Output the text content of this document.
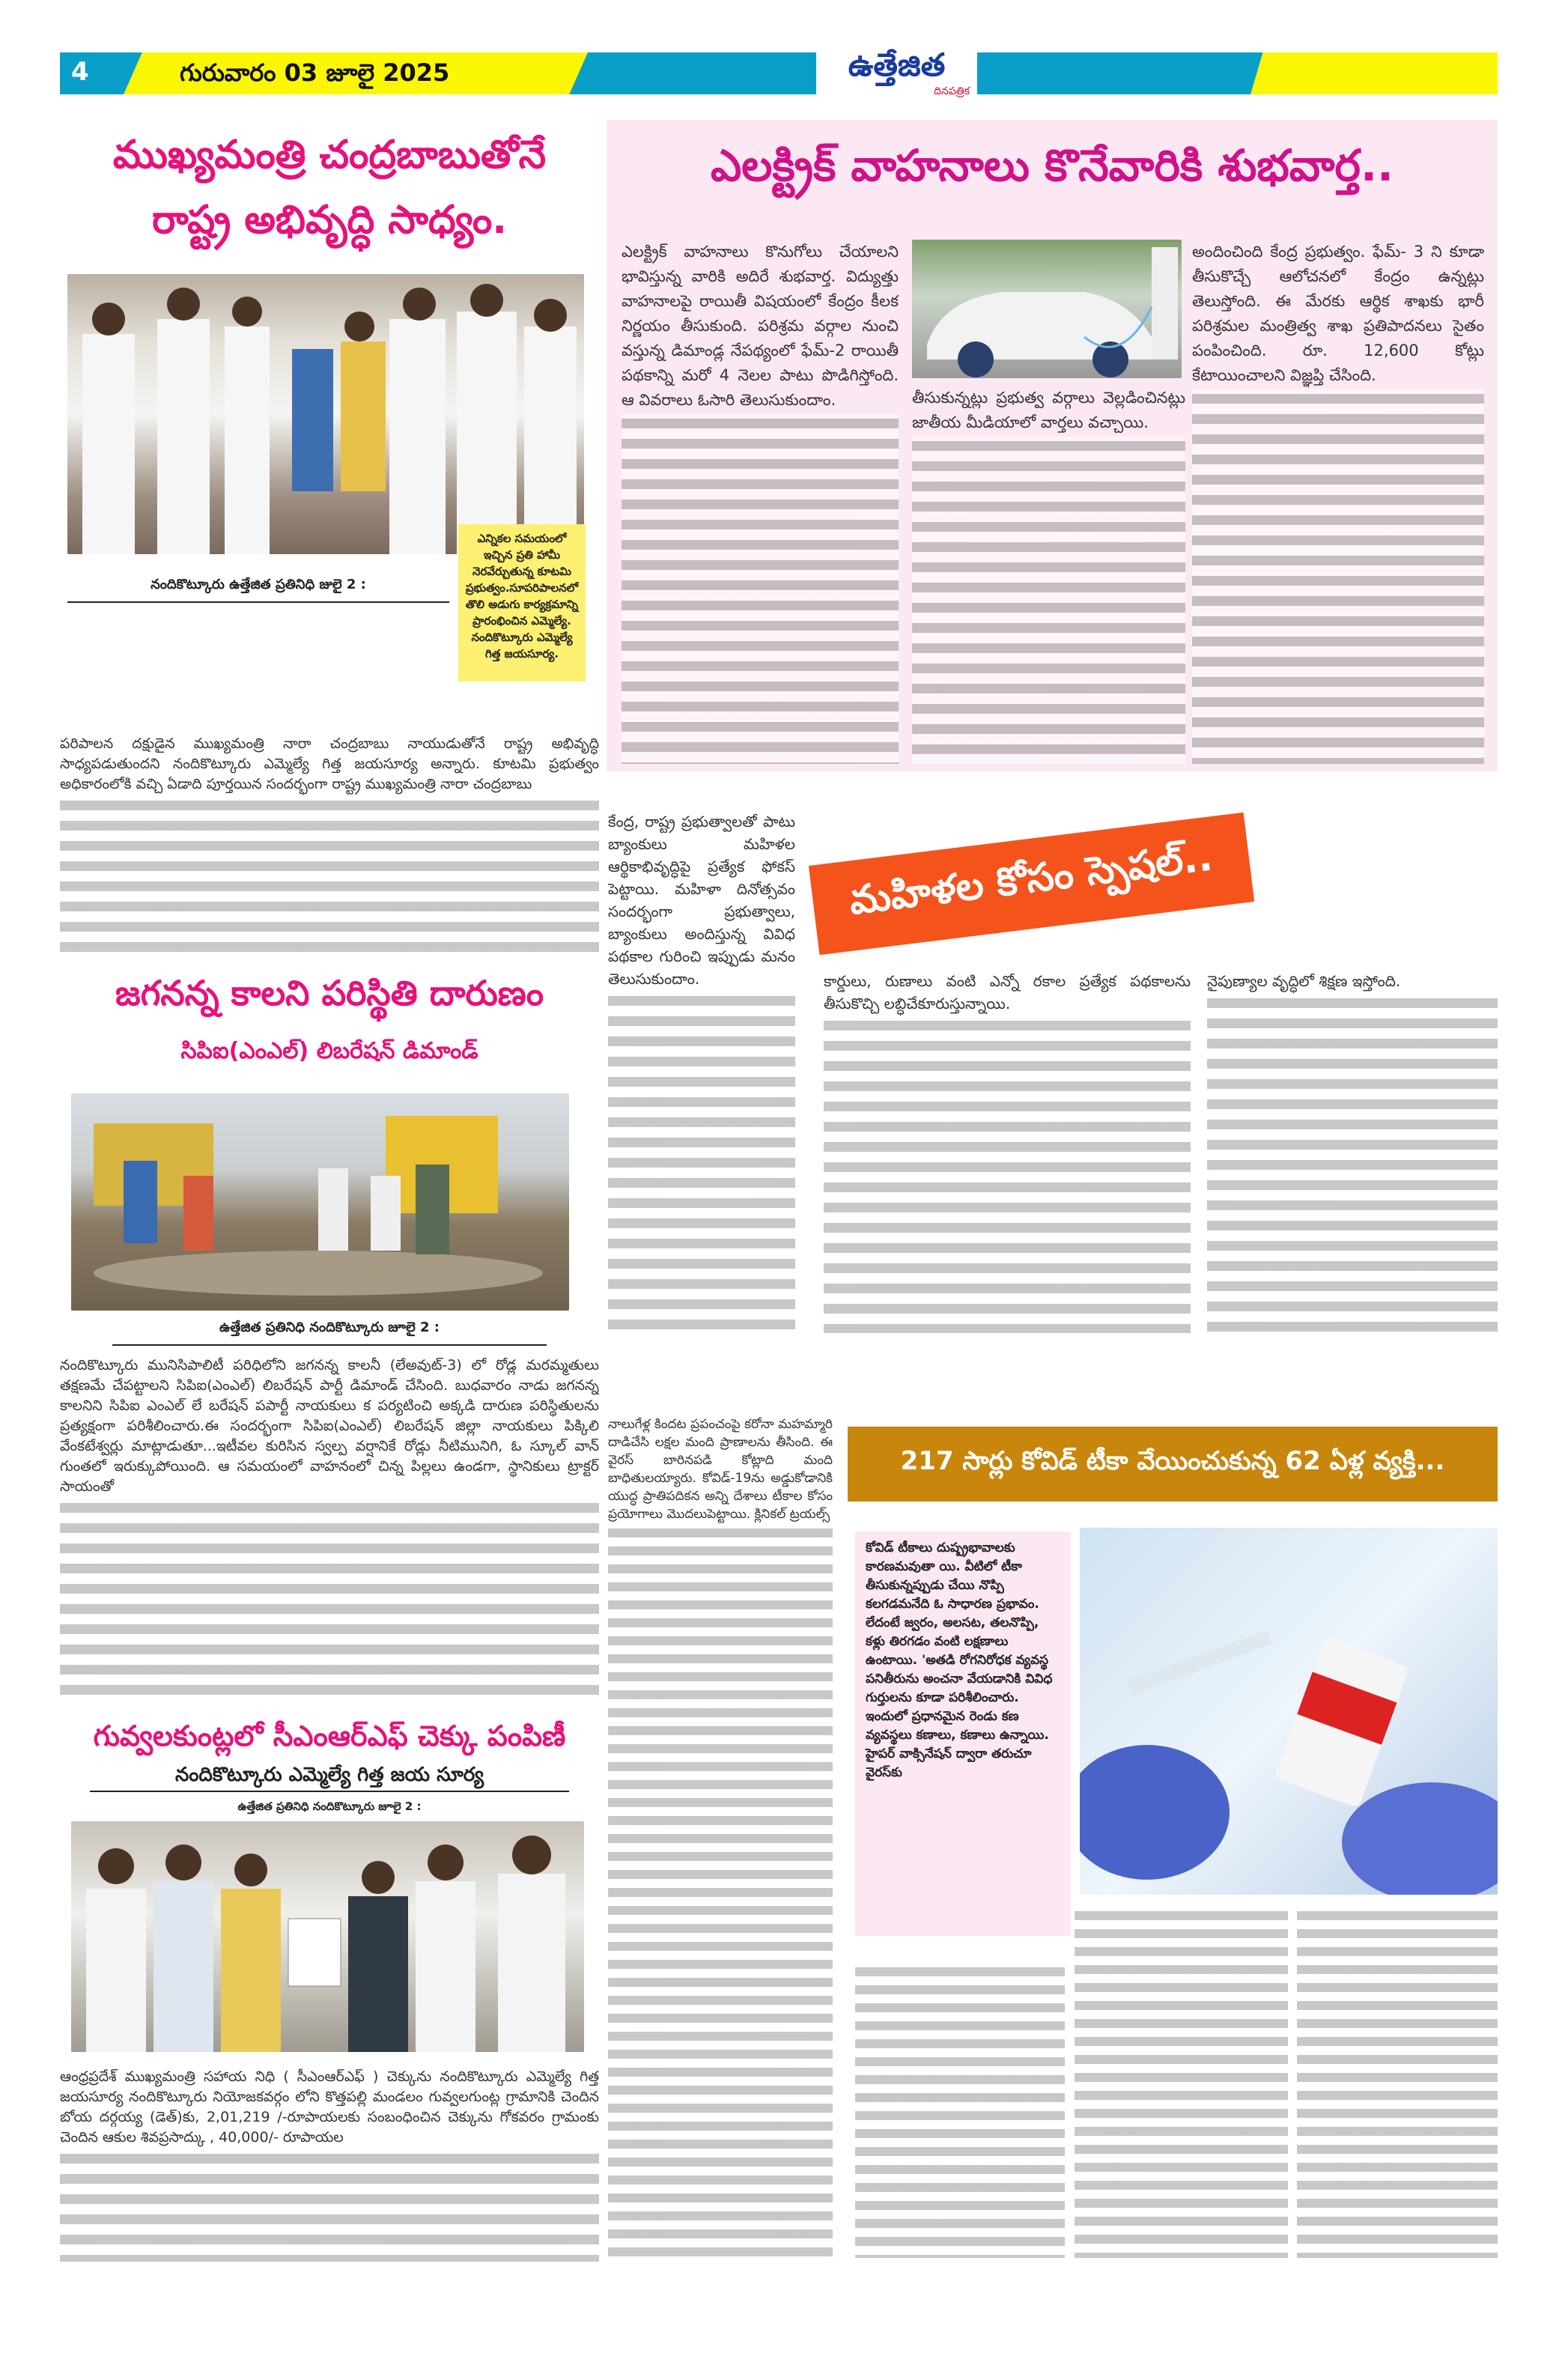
4	గురువారం 03 జూలై 2025	ఉత్తేజిత
దినపత్రిక
ముఖ్యమంత్రి చంద్రబాబుతోనే
రాష్ట్ర అభివృద్ధి సాధ్యం.
ఎన్నికల సమయంలో ఇచ్చిన ప్రతి హామీ నెరవేర్చుతున్న కూటమి ప్రభుత్వం.సూపరిపాలనలో తొలి అడుగు కార్యక్రమాన్ని ప్రారంభించిన ఎమ్మెల్యే. నందికొట్కూరు ఎమ్మెల్యే గిత్త జయసూర్య.
నందికొట్కూరు ఉత్తేజిత ప్రతినిధి జులై 2 :
పరిపాలన దక్షుడైన ముఖ్యమంత్రి నారా చంద్రబాబు నాయుడుతోనే రాష్ట్ర అభివృద్ధి సాధ్యపడుతుందని నందికొట్కూరు ఎమ్మెల్యే గిత్త జయసూర్య అన్నారు. కూటమి ప్రభుత్వం అధికారంలోకి వచ్చి ఏడాది పూర్తయిన సందర్భంగా రాష్ట్ర ముఖ్యమంత్రి నారా చంద్రబాబు
జగనన్న కాలని పరిస్థితి దారుణం
సిపిఐ(ఎంఎల్) లిబరేషన్ డిమాండ్
ఉత్తేజిత ప్రతినిధి నందికొట్కూరు జూలై 2 :
నందికొట్కూరు మునిసిపాలిటీ పరిధిలోని జగనన్న కాలనీ (లేఅవుట్-3) లో రోడ్ల మరమ్మతులు తక్షణమే చేపట్టాలని సిపిఐ(ఎంఎల్) లిబరేషన్ పార్టీ డిమాండ్ చేసింది. బుధవారం నాడు జగనన్న కాలనిని సిపిఐ ఎంఎల్ లే బరేషన్ పపార్టీ నాయకులు క పర్యటించి అక్కడి దారుణ పరిస్థితులను ప్రత్యక్షంగా పరిశీలించారు.ఈ సందర్భంగా సిపిఐ(ఎంఎల్) లిబరేషన్ జిల్లా నాయకులు పిక్కిలి వేంకటేశ్వర్లు మాట్లాడుతూ...ఇటీవల కురిసిన స్వల్ప వర్షానికే రోడ్లు నీటిమునిగి, ఓ స్కూల్ వాన్ గుంతలో ఇరుక్కుపోయింది. ఆ సమయంలో వాహనంలో చిన్న పిల్లలు ఉండగా, స్థానికులు ట్రాక్టర్ సాయంతో
గువ్వలకుంట్లలో సీఎంఆర్ఎఫ్ చెక్కు పంపిణీ
నందికొట్కూరు ఎమ్మెల్యే గిత్త జయ సూర్య
ఉత్తేజిత ప్రతినిధి నందికొట్కూరు జూలై 2 :
ఆంధ్రప్రదేశ్ ముఖ్యమంత్రి సహాయ నిధి ( సీఎంఆర్ఎఫ్ ) చెక్కును నందికొట్కూరు ఎమ్మెల్యే గిత్త జయసూర్య నందికొట్కూరు నియోజకవర్గం లోని కొత్తపల్లి మండలం గువ్వలగుంట్ల గ్రామానికి చెందిన బోయ దర్గయ్య (డెత్)కు, 2,01,219 /-రూపాయలకు సంబంధించిన చెక్కును గోకవరం గ్రామంకు చెందిన ఆకుల శివప్రసాద్కు , 40,000/- రూపాయల
ఎలక్ట్రిక్ వాహనాలు కొనేవారికి శుభవార్త..
ఎలక్ట్రిక్ వాహనాలు కొనుగోలు చేయాలని భావిస్తున్న వారికి అదిరే శుభవార్త. విద్యుత్తు వాహనాలపై రాయితీ విషయంలో కేంద్రం కీలక నిర్ణయం తీసుకుంది. పరిశ్రమ వర్గాల నుంచి వస్తున్న డిమాండ్ల నేపథ్యంలో ఫేమ్-2 రాయితీ పథకాన్ని మరో 4 నెలల పాటు పొడిగిస్తోంది. ఆ వివరాలు ఓసారి తెలుసుకుందాం.	తీసుకున్నట్లు ప్రభుత్వ వర్గాలు వెల్లడించినట్లు జాతీయ మీడియాలో వార్తలు వచ్చాయి.
అందించింది కేంద్ర ప్రభుత్వం. ఫేమ్- 3 ని కూడా తీసుకొచ్చే ఆలోచనలో కేంద్రం ఉన్నట్లు తెలుస్తోంది. ఈ మేరకు ఆర్థిక శాఖకు భారీ పరిశ్రమల మంత్రిత్వ శాఖ ప్రతిపాదనలు సైతం పంపించింది. రూ. 12,600 కోట్లు కేటాయించాలని విజ్ఞప్తి చేసింది.
కేంద్ర, రాష్ట్ర ప్రభుత్వాలతో పాటు బ్యాంకులు మహిళల ఆర్థికాభివృద్ధిపై ప్రత్యేక ఫోకస్ పెట్టాయి. మహిళా దినోత్సవం సందర్భంగా ప్రభుత్వాలు, బ్యాంకులు అందిస్తున్న వివిధ పథకాల గురించి ఇప్పుడు మనం తెలుసుకుందాం.
మహిళల కోసం స్పెషల్..
కార్డులు, రుణాలు వంటి ఎన్నో రకాల ప్రత్యేక పథకాలను తీసుకొచ్చి లబ్ధిచేకూరుస్తున్నాయి.
నైపుణ్యాల వృద్ధిలో శిక్షణ ఇస్తోంది.
నాలుగేళ్ల కిందట ప్రపంచంపై కరోనా మహమ్మారి దాడిచేసి లక్షల మంది ప్రాణాలను తీసింది. ఈ వైరస్ బారినపడి కోట్లాది మంది బాధితులయ్యారు. కోవిడ్-19ను అడ్డుకోడానికి యుద్ధ ప్రాతిపదికన అన్ని దేశాలు టీకాల కోసం ప్రయోగాలు మొదలుపెట్టాయి. క్లినికల్ ట్రయల్స్
217 సార్లు కోవిడ్ టీకా వేయించుకున్న 62 ఏళ్ల వ్యక్తి...
కోవిడ్ టీకాలు దుష్ప్రభావాలకు కారణమవుతా యి. వీటిలో టీకా తీసుకున్నప్పుడు చేయి నొప్పి కలగడమనేది ఓ సాధారణ ప్రభావం. లేదంటే జ్వరం, అలసట, తలనొప్పి, కళ్లు తిరగడం వంటి లక్షణాలు ఉంటాయి. 'అతడి రోగనిరోధక వ్యవస్థ పనితీరును అంచనా వేయడానికి వివిధ గుర్తులను కూడా పరిశీలించారు. ఇందులో ప్రధానమైన రెండు కణ వ్యవస్థలు కణాలు, కణాలు ఉన్నాయి. హైపర్ వాక్సినేషన్ ద్వారా తరుచూ వైరస్‌కు
